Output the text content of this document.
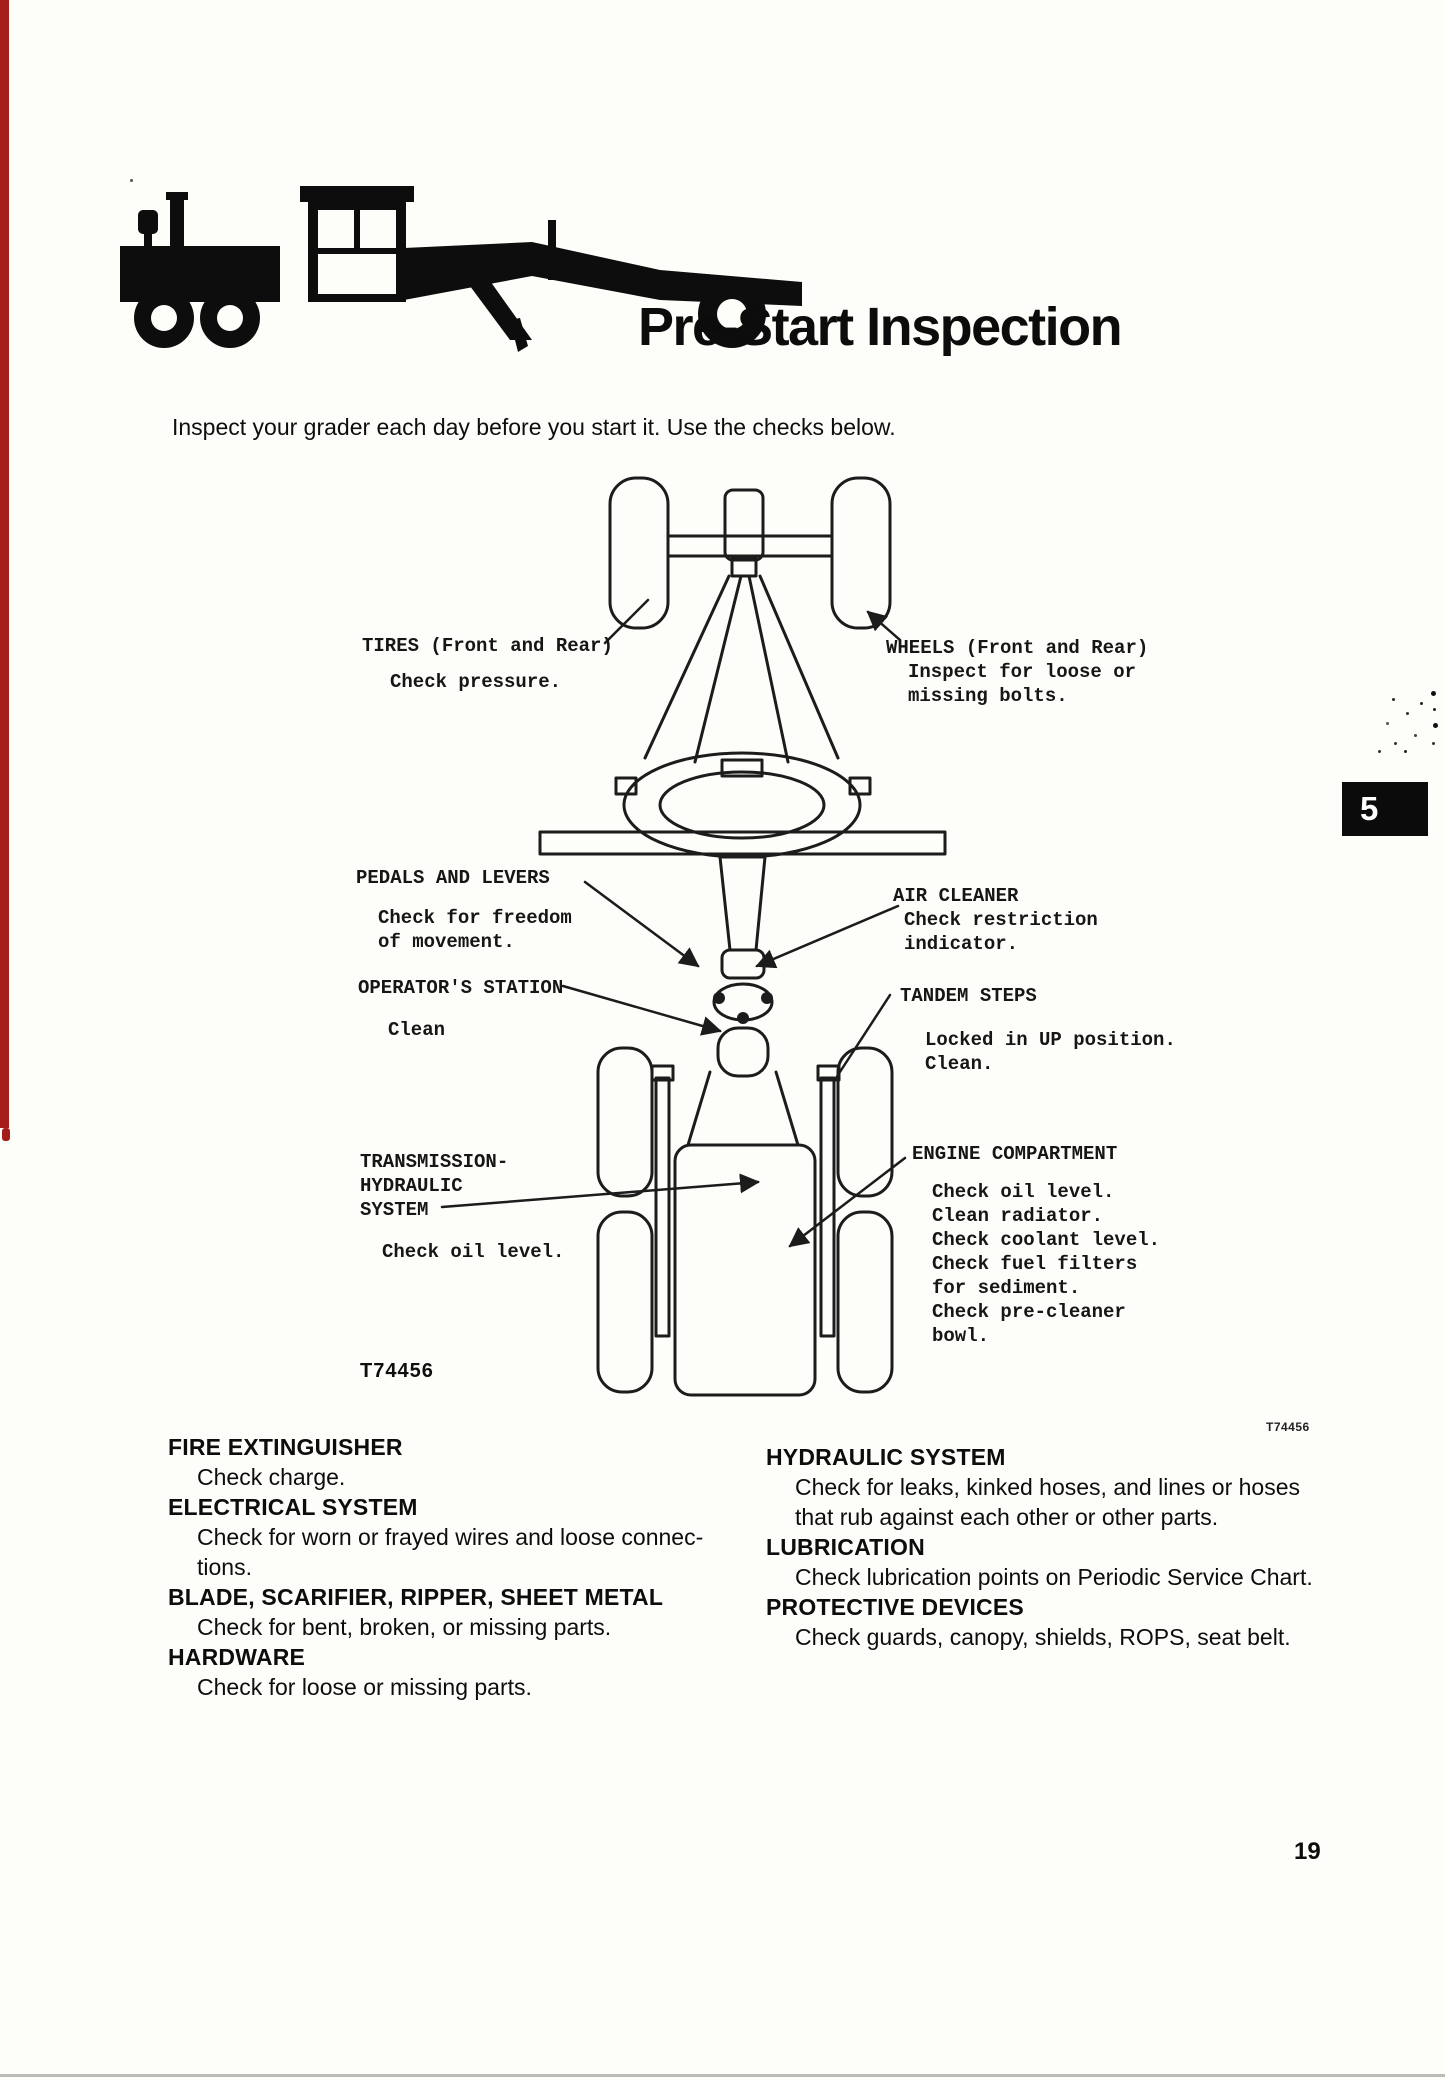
Pre-Start Inspection
Inspect your grader each day before you start it. Use the checks below.
TIRES (Front and Rear)
Check pressure.
WHEELS (Front and Rear)
Inspect for loose or
missing bolts.
PEDALS AND LEVERS
Check for freedom
of movement.
AIR CLEANER
Check restriction
indicator.
OPERATOR'S STATION
Clean
TANDEM STEPS
Locked in UP position.
Clean.
TRANSMISSION-
HYDRAULIC
SYSTEM
Check oil level.
ENGINE COMPARTMENT
Check oil level.
Clean radiator.
Check coolant level.
Check fuel filters
for sediment.
Check pre-cleaner
bowl.
T74456
T74456
5
FIRE EXTINGUISHER
Check charge.
ELECTRICAL SYSTEM
Check for worn or frayed wires and loose connec-
tions.
BLADE, SCARIFIER, RIPPER, SHEET METAL
Check for bent, broken, or missing parts.
HARDWARE
Check for loose or missing parts.
HYDRAULIC SYSTEM
Check for leaks, kinked hoses, and lines or hoses
that rub against each other or other parts.
LUBRICATION
Check lubrication points on Periodic Service Chart.
PROTECTIVE DEVICES
Check guards, canopy, shields, ROPS, seat belt.
19
